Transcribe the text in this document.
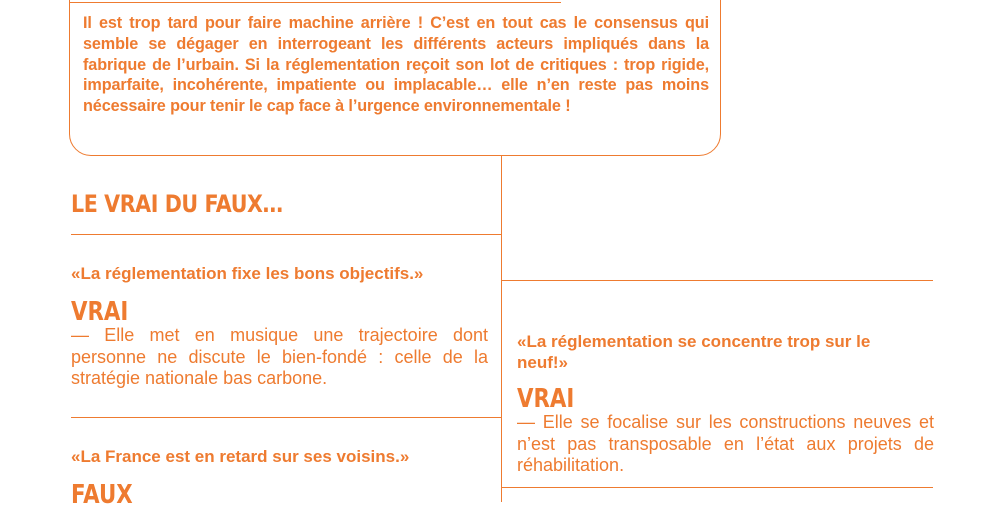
Il est trop tard pour faire machine arrière ! C’est en tout cas le consensus qui semble se dégager en interrogeant les différents acteurs impliqués dans la fabrique de l’urbain. Si la réglementation reçoit son lot de critiques : trop rigide, imparfaite, incohérente, impatiente ou implacable… elle n’en reste pas moins nécessaire pour tenir le cap face à l’urgence environnementale !

LE VRAI DU FAUX…

«La réglementation fixe les bons objectifs.»

VRAI

— Elle met en musique une trajectoire dont personne ne discute le bien-fondé : celle de la stratégie nationale bas carbone.

«La France est en retard sur ses voisins.»

FAUX

«La réglementation se concentre trop sur le neuf!»

VRAI

— Elle se focalise sur les constructions neuves et n’est pas transposable en l’état aux projets de réhabilitation.
